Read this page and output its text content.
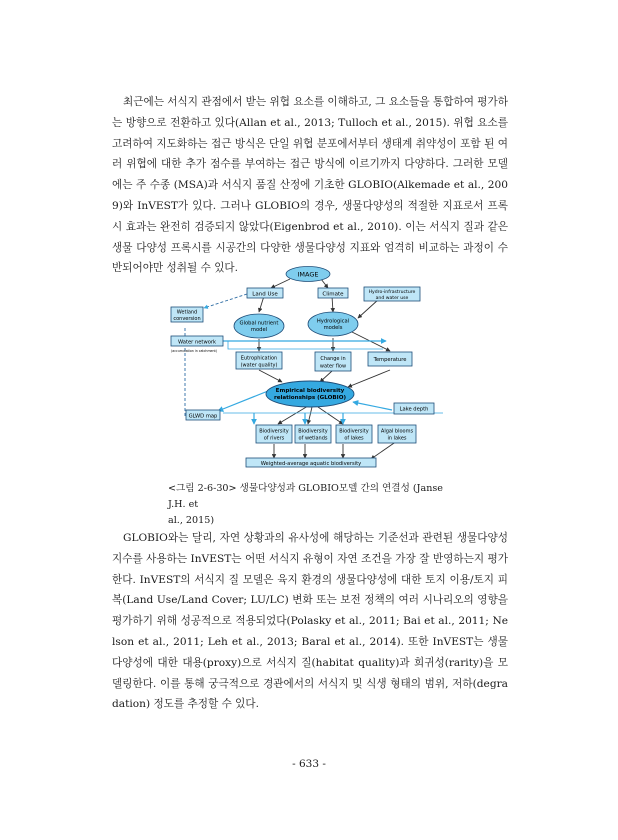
최근에는 서식지 관점에서 받는 위협 요소를 이해하고, 그 요소들을 통합하여 평가하는 방향으로 전환하고 있다(Allan et al., 2013; Tulloch et al., 2015). 위협 요소를 고려하여 지도화하는 접근 방식은 단일 위협 분포에서부터 생태계 취약성이 포함 된 여러 위협에 대한 추가 점수를 부여하는 접근 방식에 이르기까지 다양하다. 그러한 모델에는 주 수종 (MSA)과 서식지 품질 산정에 기초한 GLOBIO(Alkemade et al., 2009)와 InVEST가 있다. 그러나 GLOBIO의 경우, 생물다양성의 적절한 지표로서 프록시 효과는 완전히 검증되지 않았다(Eigenbrod et al., 2010). 이는 서식지 질과 같은 생물 다양성 프록시를 시공간의 다양한 생물다양성 지표와 엄격히 비교하는 과정이 수반되어야만 성취될 수 있다.

IMAGE
Land Use	Climate	Hydro-infrastructure
and water use
Wetland
conversion
Global nutrient
model
Hydrological
models
Water network
(accumulation in catchment)
Eutrophication
(water quality)
Change in
water flow
Temperature
Empirical biodiversity
relationships (GLOBIO)
Lake depth
GLWD map
Biodiversity
of rivers
Biodiversity
of wetlands
Biodiversity
of lakes
Algal blooms
in lakes
Weighted-average aquatic biodiversity
<그림 2-6-30> 생물다양성과 GLOBIO모델 간의 연결성 (Janse J.H. et
al., 2015)

GLOBIO와는 달리, 자연 상황과의 유사성에 해당하는 기준선과 관련된 생물다양성 지수를 사용하는 InVEST는 어떤 서식지 유형이 자연 조건을 가장 잘 반영하는지 평가한다. InVEST의 서식지 질 모델은 육지 환경의 생물다양성에 대한 토지 이용/토지 피복(Land Use/Land Cover; LU/LC) 변화 또는 보전 정책의 여러 시나리오의 영향을 평가하기 위해 성공적으로 적용되었다(Polasky et al., 2011; Bai et al., 2011; Nelson et al., 2011; Leh et al., 2013; Baral et al., 2014). 또한 InVEST는 생물다양성에 대한 대용(proxy)으로 서식지 질(habitat quality)과 희귀성(rarity)을 모델링한다. 이를 통해 궁극적으로 경관에서의 서식지 및 식생 형태의 범위, 저하(degradation) 정도를 추정할 수 있다.

- 633 -
